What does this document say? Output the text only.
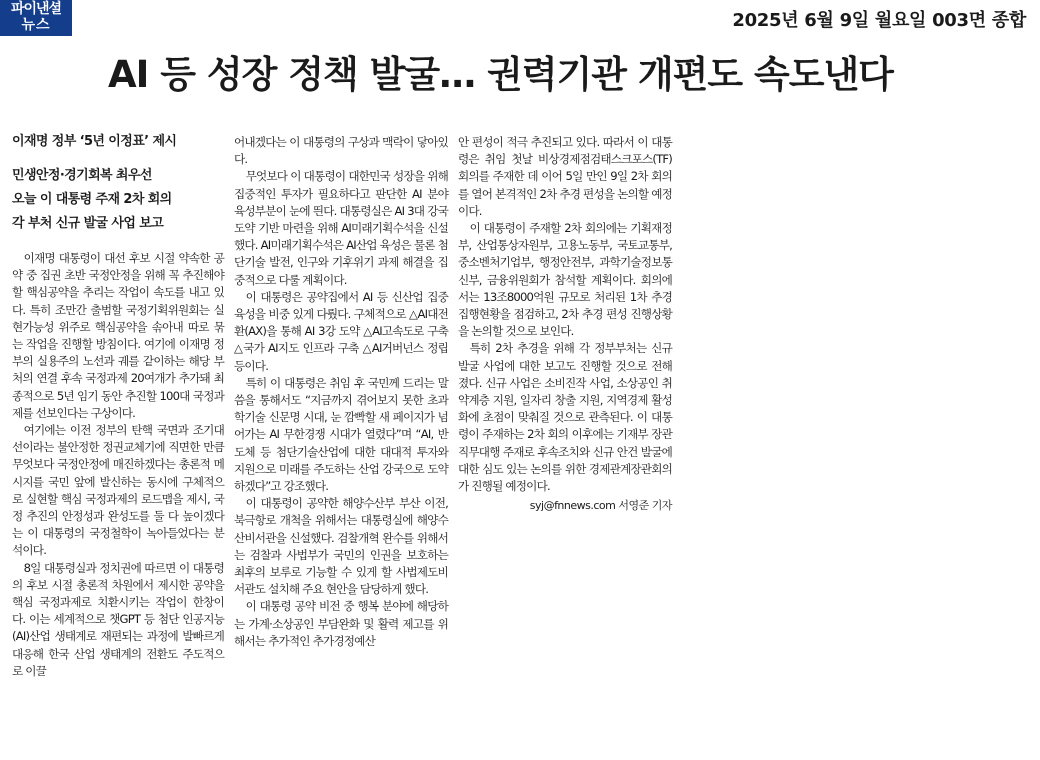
파이낸셜
뉴스	2025년 6월 9일 월요일 003면 종합
AI 등 성장 정책 발굴… 권력기관 개편도 속도낸다
이재명 정부 ‘5년 이정표’ 제시
민생안정·경기회복 최우선
오늘 이 대통령 주재 2차 회의
각 부처 신규 발굴 사업 보고

이재명 대통령이 대선 후보 시절 약속한 공약 중 집권 초반 국정안정을 위해 꼭 추진해야 할 핵심공약을 추리는 작업이 속도를 내고 있다. 특히 조만간 출범할 국정기획위원회는 실현가능성 위주로 핵심공약을 솎아내 따로 묶는 작업을 진행할 방침이다. 여기에 이재명 정부의 실용주의 노선과 궤를 같이하는 해당 부처의 연결 후속 국정과제 20여개가 추가돼 최종적으로 5년 임기 동안 추진할 100대 국정과제를 선보인다는 구상이다.

여기에는 이전 정부의 탄핵 국면과 조기대선이라는 불안정한 정권교체기에 직면한 만큼 무엇보다 국정안정에 매진하겠다는 총론적 메시지를 국민 앞에 발신하는 동시에 구체적으로 실현할 핵심 국정과제의 로드맵을 제시, 국정 추진의 안정성과 완성도를 둘 다 높이겠다는 이 대통령의 국정철학이 녹아들었다는 분석이다.

8일 대통령실과 정치권에 따르면 이 대통령의 후보 시절 총론적 차원에서 제시한 공약을 핵심 국정과제로 치환시키는 작업이 한창이다. 이는 세계적으로 챗GPT 등 첨단 인공지능(AI)산업 생태계로 재편되는 과정에 발빠르게 대응해 한국 산업 생태계의 전환도 주도적으로 이끌

어내겠다는 이 대통령의 구상과 맥락이 닿아있다.

무엇보다 이 대통령이 대한민국 성장을 위해 집중적인 투자가 필요하다고 판단한 AI 분야 육성부분이 눈에 띈다. 대통령실은 AI 3대 강국 도약 기반 마련을 위해 AI미래기획수석을 신설했다. AI미래기획수석은 AI산업 육성은 물론 첨단기술 발전, 인구와 기후위기 과제 해결을 집중적으로 다룰 계획이다.

이 대통령은 공약집에서 AI 등 신산업 집중 육성을 비중 있게 다뤘다. 구체적으로 △AI대전환(AX)을 통해 AI 3강 도약 △AI고속도로 구축 △국가 AI지도 인프라 구축 △AI거버넌스 정립 등이다.

특히 이 대통령은 취임 후 국민께 드리는 말씀을 통해서도 “지금까지 겪어보지 못한 초과학기술 신문명 시대, 눈 깜빡할 새 페이지가 넘어가는 AI 무한경쟁 시대가 열렸다”며 “AI, 반도체 등 첨단기술산업에 대한 대대적 투자와 지원으로 미래를 주도하는 산업 강국으로 도약하겠다”고 강조했다.

이 대통령이 공약한 해양수산부 부산 이전, 북극항로 개척을 위해서는 대통령실에 해양수산비서관을 신설했다. 검찰개혁 완수를 위해서는 검찰과 사법부가 국민의 인권을 보호하는 최후의 보루로 기능할 수 있게 할 사법제도비서관도 설치해 주요 현안을 담당하게 했다.

이 대통령 공약 비전 중 행복 분야에 해당하는 가계·소상공인 부담완화 및 활력 제고를 위해서는 추가적인 추가경정예산

안 편성이 적극 추진되고 있다. 따라서 이 대통령은 취임 첫날 비상경제점검태스크포스(TF) 회의를 주재한 데 이어 5일 만인 9일 2차 회의를 열어 본격적인 2차 추경 편성을 논의할 예정이다.

이 대통령이 주재할 2차 회의에는 기획재정부, 산업통상자원부, 고용노동부, 국토교통부, 중소벤처기업부, 행정안전부, 과학기술정보통신부, 금융위원회가 참석할 계획이다. 회의에서는 13조8000억원 규모로 처리된 1차 추경 집행현황을 점검하고, 2차 추경 편성 진행상황을 논의할 것으로 보인다.

특히 2차 추경을 위해 각 정부부처는 신규 발굴 사업에 대한 보고도 진행할 것으로 전해졌다. 신규 사업은 소비진작 사업, 소상공인 취약계층 지원, 일자리 창출 지원, 지역경제 활성화에 초점이 맞춰질 것으로 관측된다. 이 대통령이 주재하는 2차 회의 이후에는 기재부 장관 직무대행 주재로 후속조치와 신규 안건 발굴에 대한 심도 있는 논의를 위한 경제관계장관회의가 진행될 예정이다.

syj@fnnews.com 서영준 기자
